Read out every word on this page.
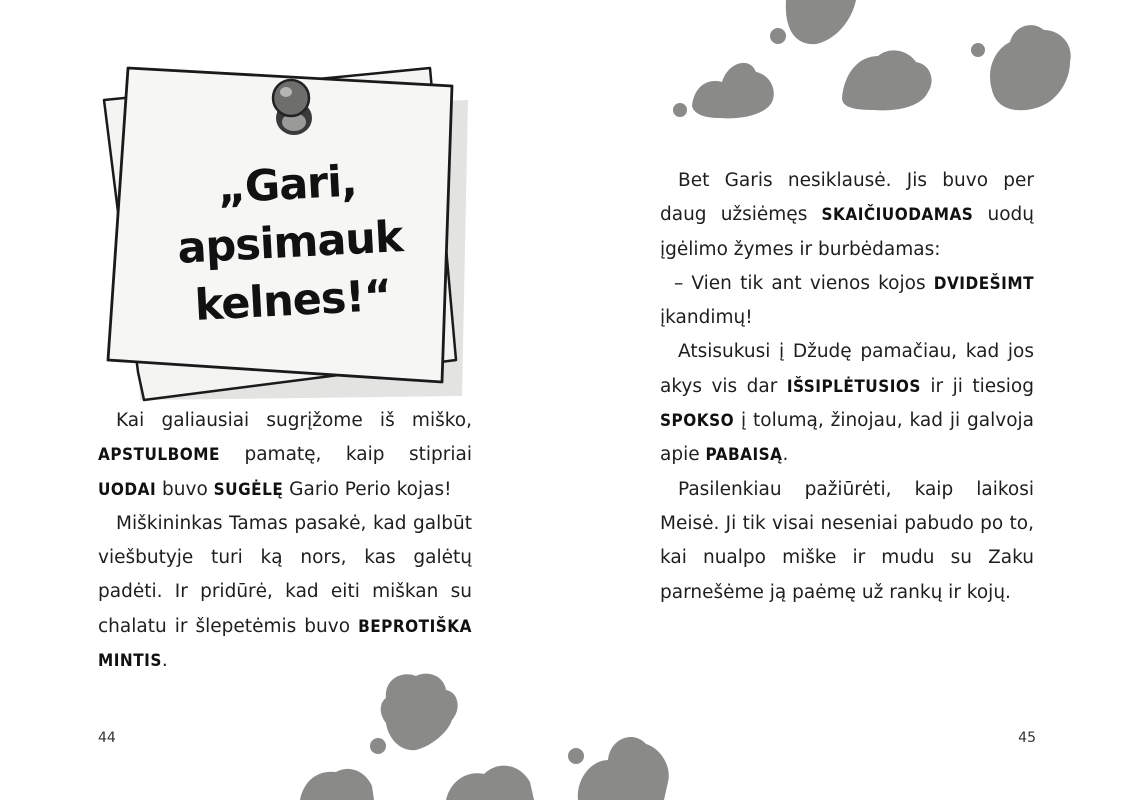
„Gari, apsimauk
kelnes!“

Kai galiausiai sugrįžome iš miško, APSTULBOME pamatę, kaip stipriai UODAI buvo SUGĖLĘ Gario Perio kojas!

Miškininkas Tamas pasakė, kad galbūt viešbutyje turi ką nors, kas galėtų padėti. Ir pridūrė, kad eiti miškan su chalatu ir šlepetėmis buvo BEPROTIŠKA MINTIS.

44

Bet Garis nesiklausė. Jis buvo per daug užsiėmęs SKAIČIUODAMAS uodų įgėlimo žymes ir burbėdamas:

– Vien tik ant vienos kojos DVIDEŠIMT įkandimų!

Atsisukusi į Džudę pamačiau, kad jos akys vis dar IŠSIPLĖTUSIOS ir ji tiesiog SPOKSO į tolumą, žinojau, kad ji galvoja apie PABAISĄ.

Pasilenkiau pažiūrėti, kaip laikosi Meisė. Ji tik visai neseniai pabudo po to, kai nualpo miške ir mudu su Zaku parnešėme ją paėmę už rankų ir kojų.

45
